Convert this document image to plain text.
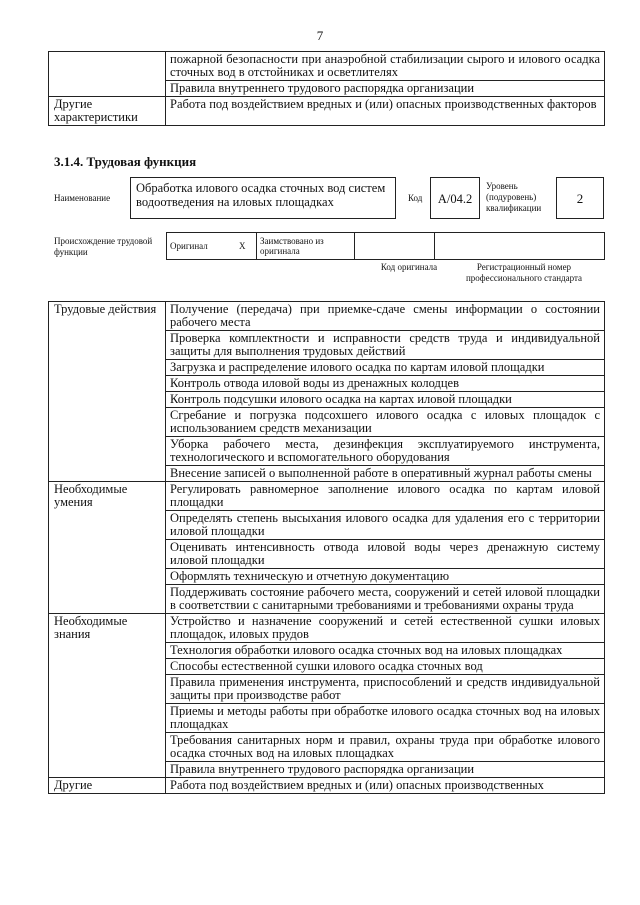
7
	пожарной безопасности при анаэробной стабилизации сырого и илового осадка сточных вод в отстойниках и осветлителях
	Правила внутреннего трудового распорядка организации
Другие характеристики	Работа под воздействием вредных и (или) опасных производственных факторов
3.1.4. Трудовая функция
Наименование
Обработка илового осадка сточных вод систем водоотведения на иловых площадках	Код	А/04.2
Уровень (подуровень) квалификации
2
Происхождение трудовой функции
Оригинал	X	Заимствовано из оригинала		
Код оригинала	Регистрационный номер профессионального стандарта
Трудовые действия	Получение (передача) при приемке-сдаче смены информации о состоянии рабочего места
	Проверка комплектности и исправности средств труда и индивидуальной защиты для выполнения трудовых действий
	Загрузка и распределение илового осадка по картам иловой площадки
	Контроль отвода иловой воды из дренажных колодцев
	Контроль подсушки илового осадка на картах иловой площадки
	Сгребание и погрузка подсохшего илового осадка с иловых площадок с использованием средств механизации
	Уборка рабочего места, дезинфекция эксплуатируемого инструмента, технологического и вспомогательного оборудования
	Внесение записей о выполненной работе в оперативный журнал работы смены
Необходимые умения	Регулировать равномерное заполнение илового осадка по картам иловой площадки
	Определять степень высыхания илового осадка для удаления его с территории иловой площадки
	Оценивать интенсивность отвода иловой воды через дренажную систему иловой площадки
	Оформлять техническую и отчетную документацию
	Поддерживать состояние рабочего места, сооружений и сетей иловой площадки в соответствии с санитарными требованиями и требованиями охраны труда
Необходимые знания	Устройство и назначение сооружений и сетей естественной сушки иловых площадок, иловых прудов
	Технология обработки илового осадка сточных вод на иловых площадках
	Способы естественной сушки илового осадка сточных вод
	Правила применения инструмента, приспособлений и средств индивидуальной защиты при производстве работ
	Приемы и методы работы при обработке илового осадка сточных вод на иловых площадках
	Требования санитарных норм и правил, охраны труда при обработке илового осадка сточных вод на иловых площадках
	Правила внутреннего трудового распорядка организации
Другие	Работа под воздействием вредных и (или) опасных производственных
